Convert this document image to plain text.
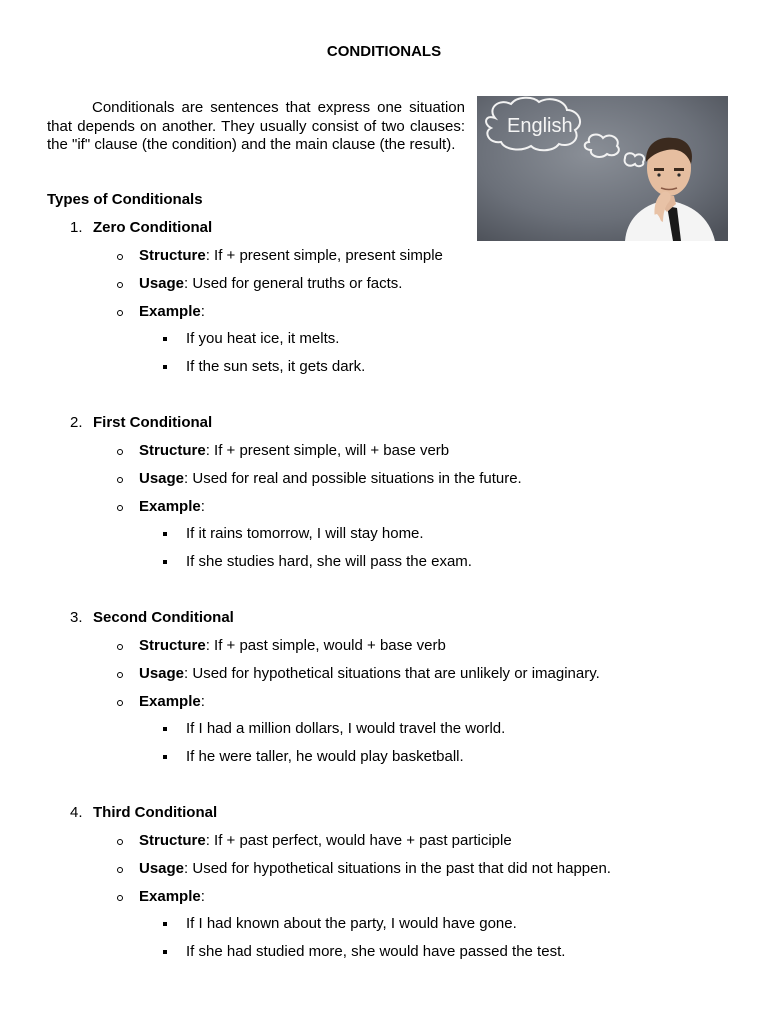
CONDITIONALS

Conditionals are sentences that express one situation that depends on another. They usually consist of two clauses: the "if" clause (the condition) and the main clause (the result).

English
Types of Conditionals
1. Zero Conditional
Structure: If + present simple, present simple
Usage: Used for general truths or facts.
Example:
If you heat ice, it melts.
If the sun sets, it gets dark.
2. First Conditional
Structure: If + present simple, will + base verb
Usage: Used for real and possible situations in the future.
Example:
If it rains tomorrow, I will stay home.
If she studies hard, she will pass the exam.
3. Second Conditional
Structure: If + past simple, would + base verb
Usage: Used for hypothetical situations that are unlikely or imaginary.
Example:
If I had a million dollars, I would travel the world.
If he were taller, he would play basketball.
4. Third Conditional
Structure: If + past perfect, would have + past participle
Usage: Used for hypothetical situations in the past that did not happen.
Example:
If I had known about the party, I would have gone.
If she had studied more, she would have passed the test.
